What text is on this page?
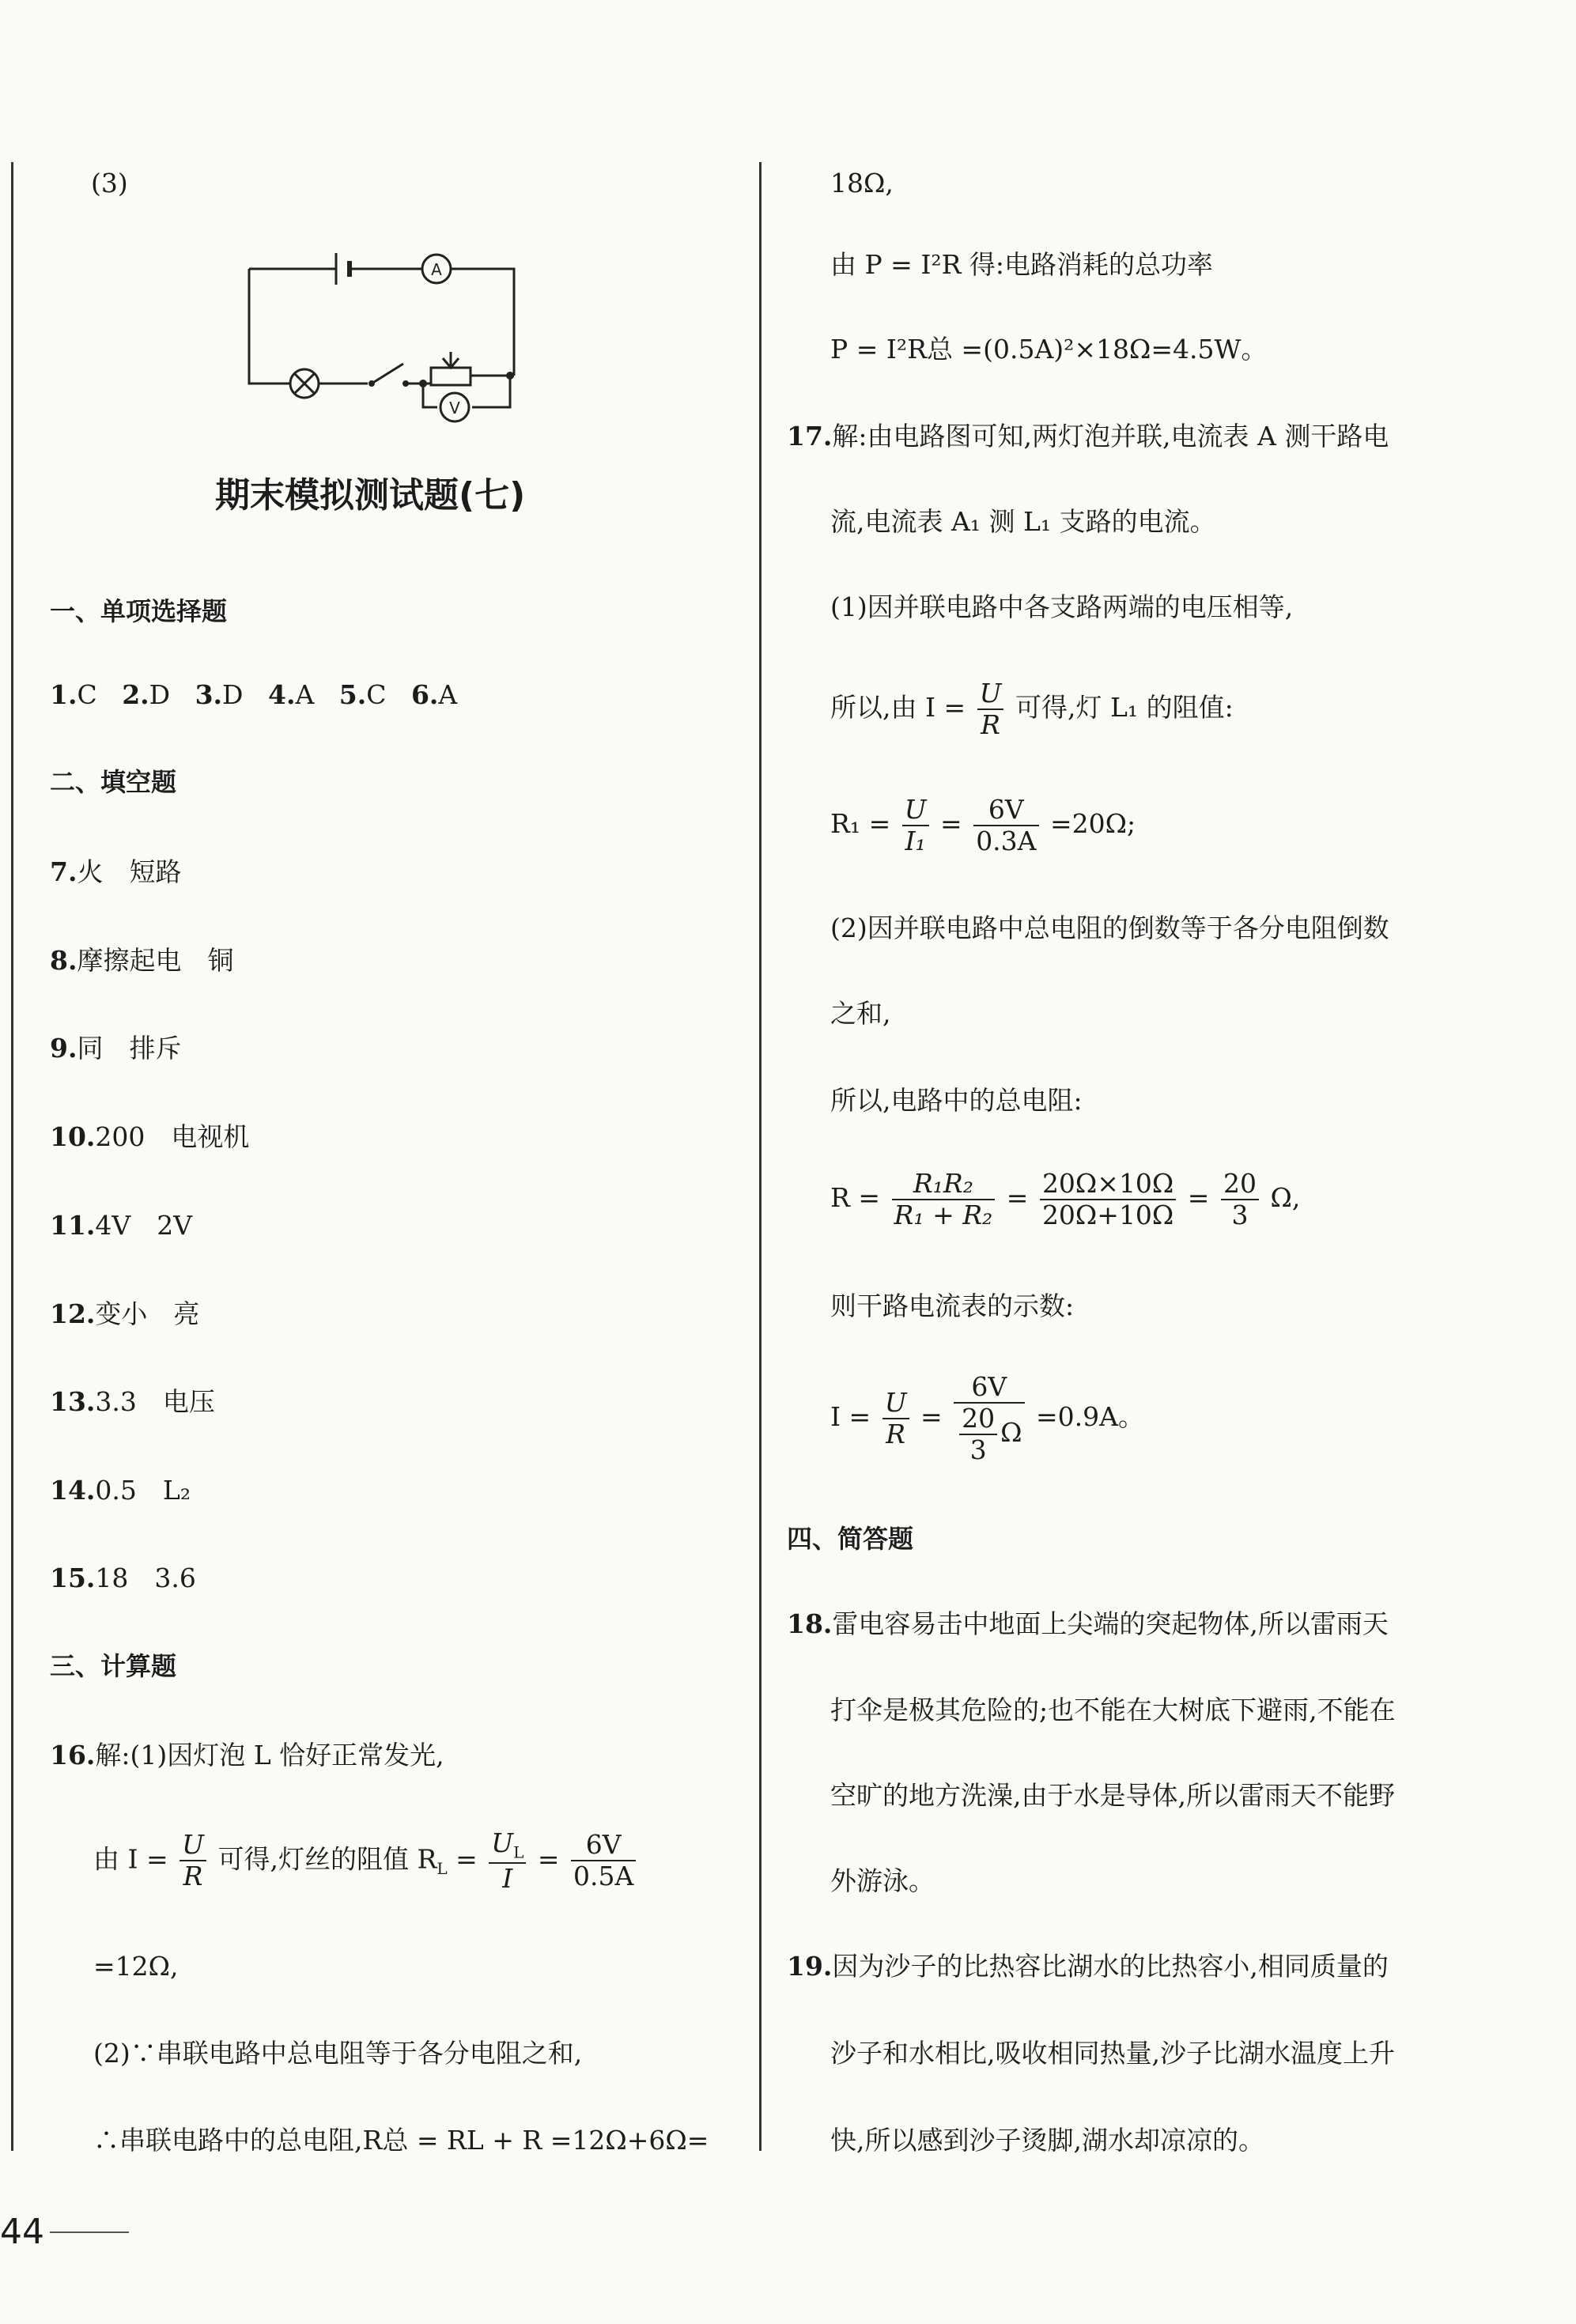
(3)
A
V
期末模拟测试题(七)
一、单项选择题
1.C 2.D 3.D 4.A 5.C 6.A
二、填空题
7.火　短路
8.摩擦起电　铜
9.同　排斥
10.200　电视机
11.4V　2V
12.变小　亮
13.3.3　电压
14.0.5　L₂
15.18　3.6
三、计算题
16.解:(1)因灯泡 L 恰好正常发光,
由 $I = \frac{U}{R}$ 可得,灯丝的阻值 $R_L = \frac{U_L}{I} = \frac{6V}{0.5A}$
=12Ω,
(2)∵串联电路中总电阻等于各分电阻之和,
∴串联电路中的总电阻,R总 = RL + R =12Ω+6Ω=
44
18Ω,
由 P = I²R 得:电路消耗的总功率
P = I²R总 =(0.5A)²×18Ω=4.5W。
17.解:由电路图可知,两灯泡并联,电流表 A 测干路电
流,电流表 A₁ 测 L₁ 支路的电流。
(1)因并联电路中各支路两端的电压相等,
所以,由 $I = \frac{U}{R}$ 可得,灯 L₁ 的阻值:
$R_1 = \frac{U}{\text{I₁}} = \frac{6V}{0.3A} =20\Omega$;
(2)因并联电路中总电阻的倒数等于各分电阻倒数
之和,
所以,电路中的总电阻:
$R = \frac{\text{R₁R₂}}{\text{R₁ + R₂}} = \frac{20\Omega\times 10\Omega}{20\Omega+10\Omega} = \frac{20}{3} \Omega$,
则干路电流表的示数:
$I = \frac{U}{R} = \frac{6V}{\frac{20}{3} \Omega} =0.9A$。
四、简答题
18.雷电容易击中地面上尖端的突起物体,所以雷雨天
打伞是极其危险的;也不能在大树底下避雨,不能在
空旷的地方洗澡,由于水是导体,所以雷雨天不能野
外游泳。
19.因为沙子的比热容比湖水的比热容小,相同质量的
沙子和水相比,吸收相同热量,沙子比湖水温度上升
快,所以感到沙子烫脚,湖水却凉凉的。
